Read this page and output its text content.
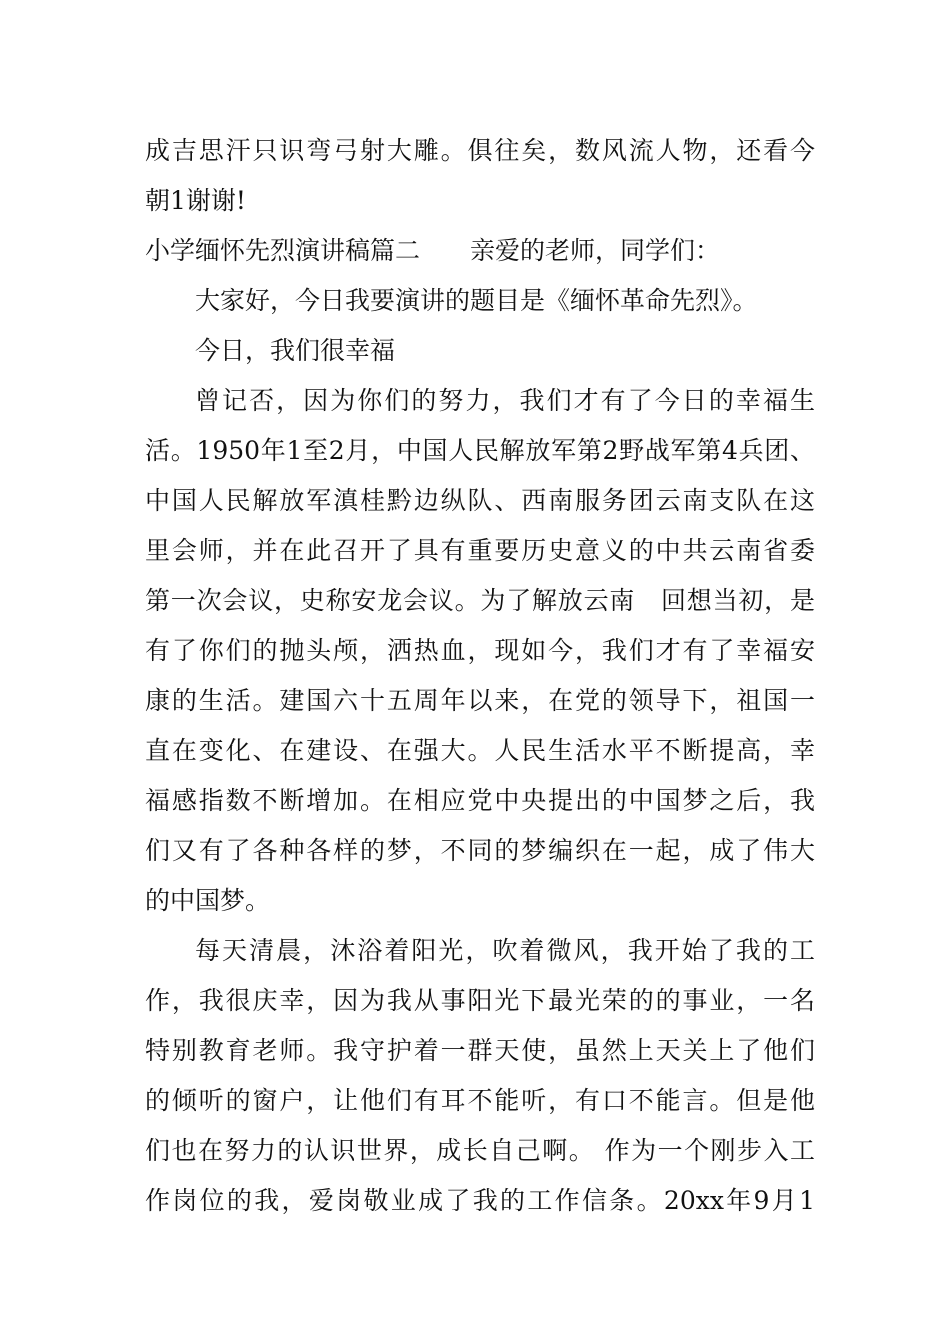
成吉思汗只识弯弓射大雕。俱往矣，数风流人物，还看今
朝1谢谢!
小学缅怀先烈演讲稿篇二　　亲爱的老师，同学们：
大家好，今日我要演讲的题目是《缅怀革命先烈》。
今日，我们很幸福
曾记否，因为你们的努力，我们才有了今日的幸福生
活。1950年1至2月，中国人民解放军第2野战军第4兵团、
中国人民解放军滇桂黔边纵队、西南服务团云南支队在这
里会师，并在此召开了具有重要历史意义的中共云南省委
第一次会议，史称安龙会议。为了解放云南　回想当初，是
有了你们的抛头颅，洒热血，现如今，我们才有了幸福安
康的生活。建国六十五周年以来，在党的领导下，祖国一
直在变化、在建设、在强大。人民生活水平不断提高，幸
福感指数不断增加。在相应党中央提出的中国梦之后，我
们又有了各种各样的梦，不同的梦编织在一起，成了伟大
的中国梦。
每天清晨，沐浴着阳光，吹着微风，我开始了我的工
作，我很庆幸，因为我从事阳光下最光荣的的事业，一名
特别教育老师。我守护着一群天使，虽然上天关上了他们
的倾听的窗户，让他们有耳不能听，有口不能言。但是他
们也在努力的认识世界，成长自己啊。 作为一个刚步入工
作岗位的我，爱岗敬业成了我的工作信条。20xx年9月1
